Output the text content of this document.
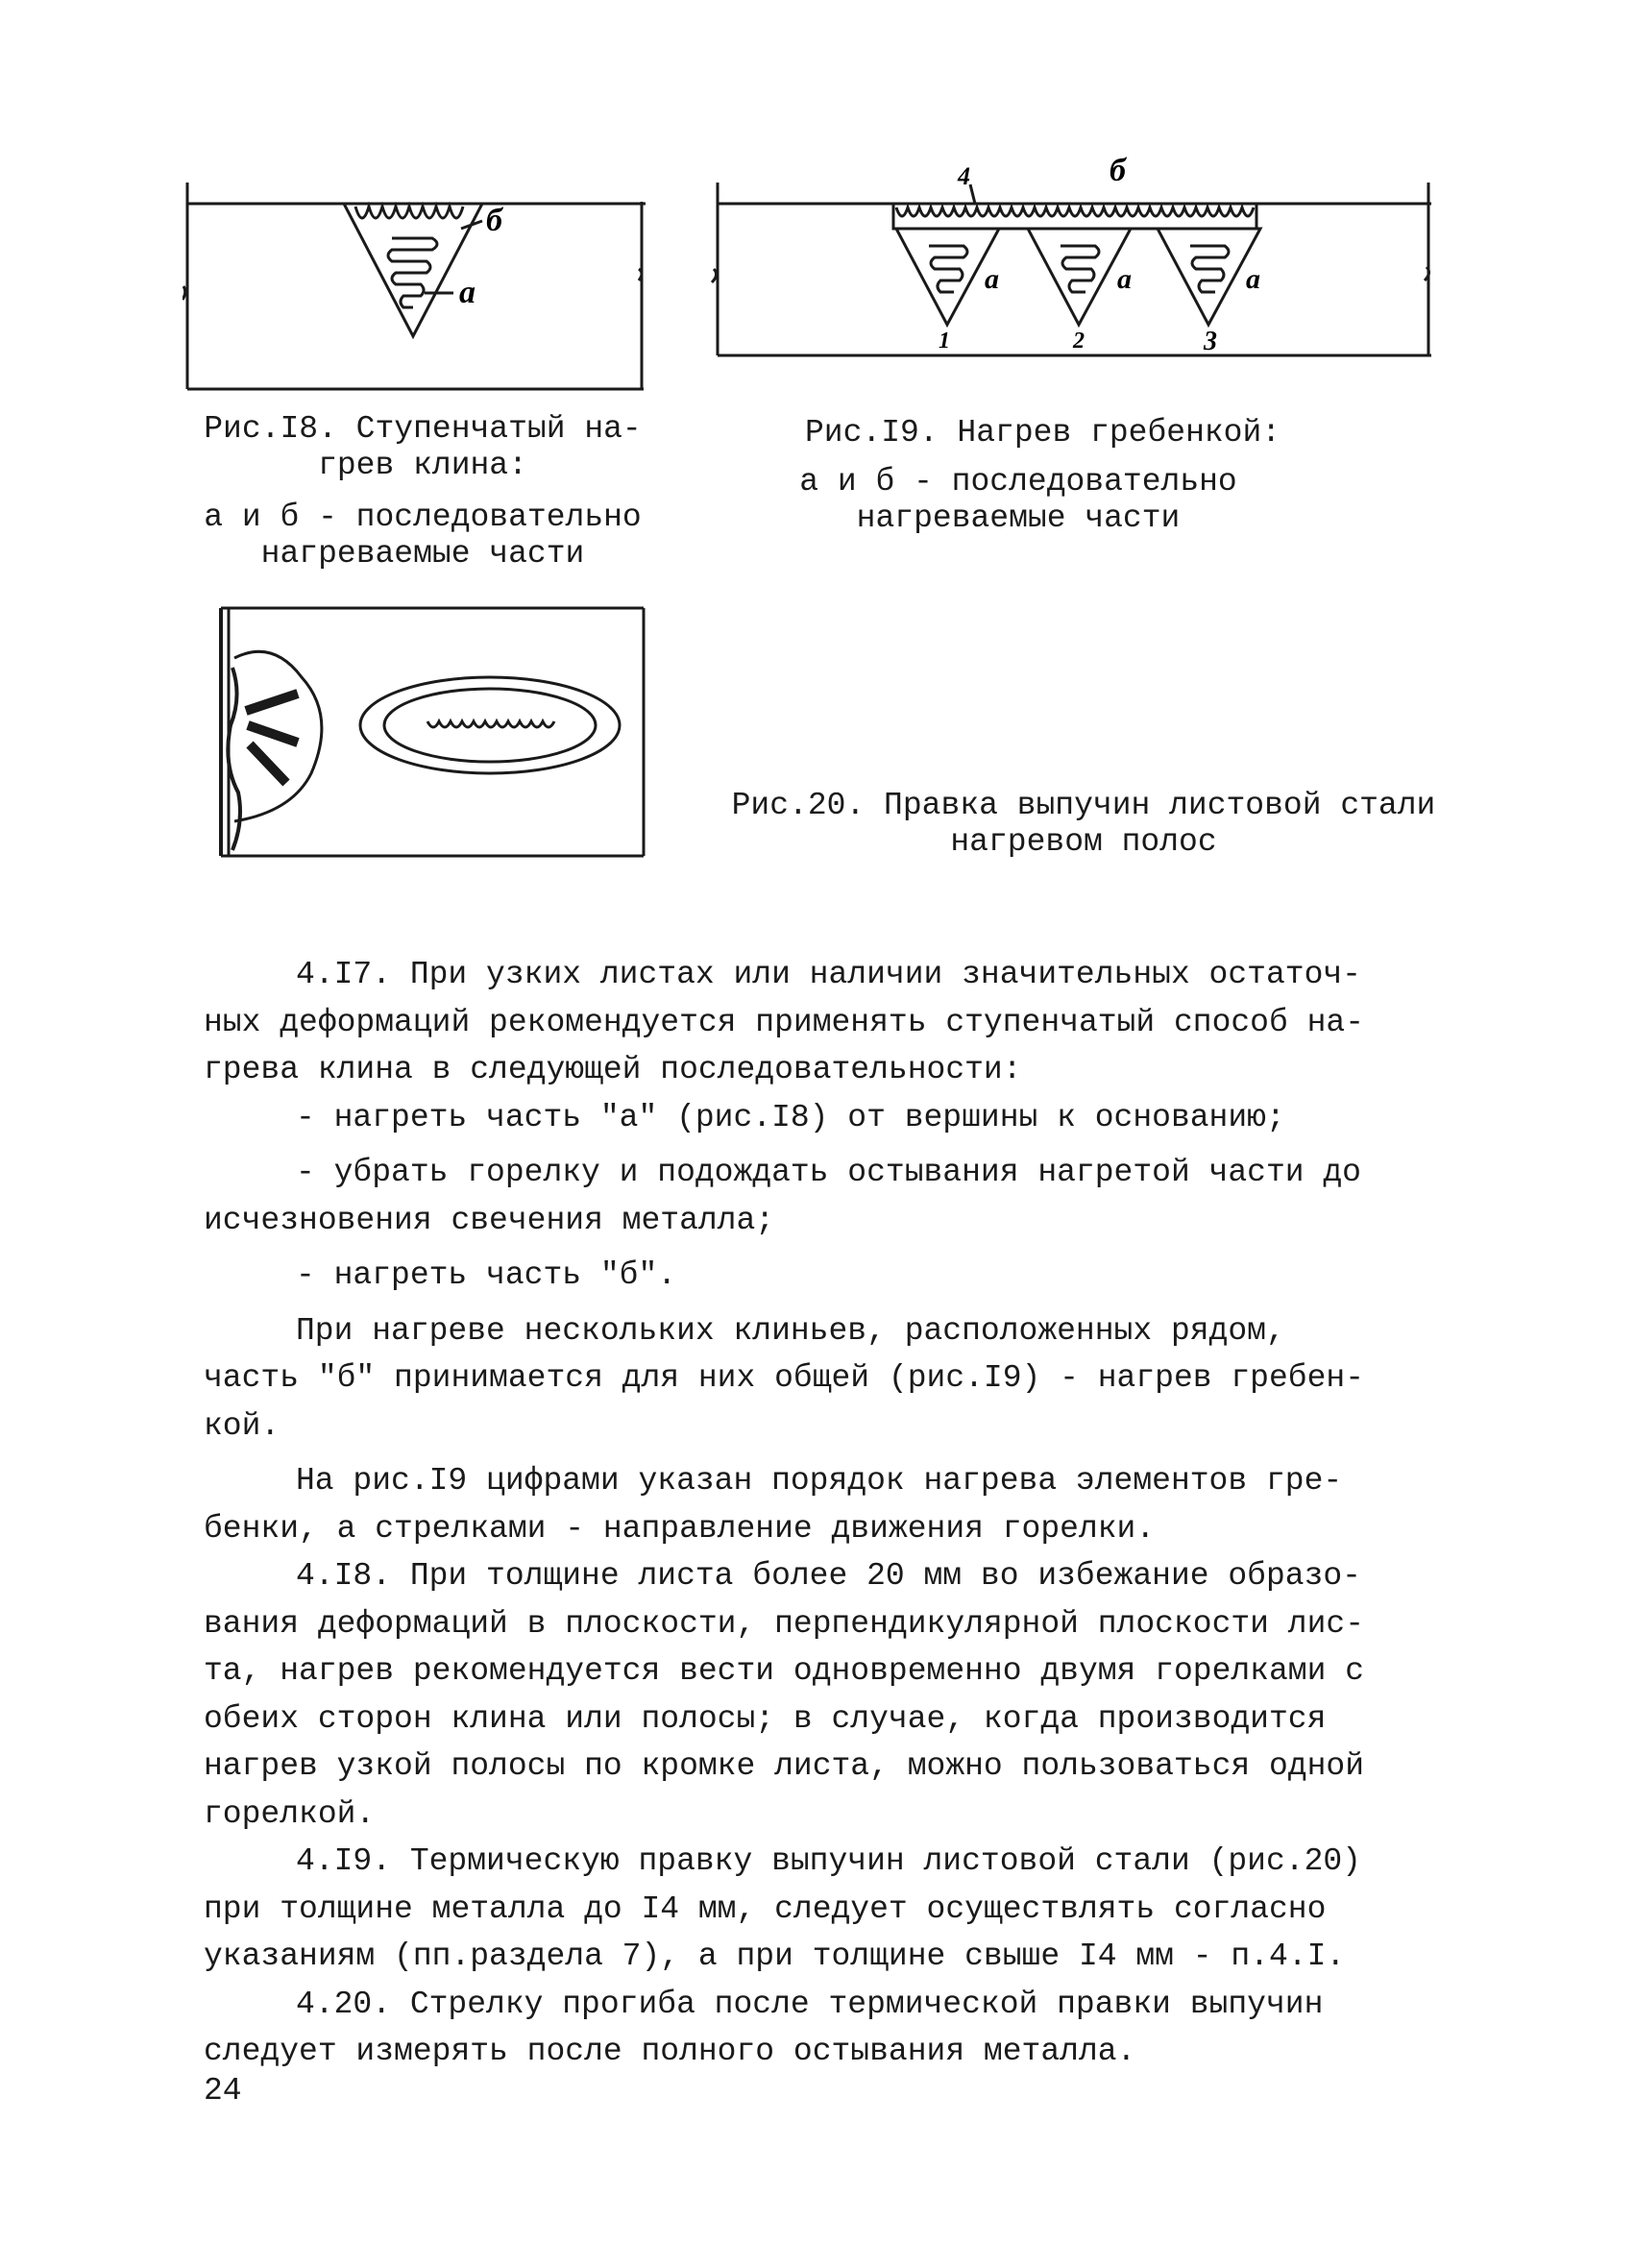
б
а
Рис.I8. Ступенчатый на-
грев клина:
а и б - последовательно
нагреваемые части
4	б
а	а	а
1	2	3
Рис.I9. Нагрев гребенкой:
а и б - последовательно
нагреваемые части
Рис.20. Правка выпучин листовой стали
нагревом полос

4.I7. При узких листах или наличии значительных остаточ-

ных деформаций рекомендуется применять ступенчатый способ на-

грева клина в следующей последовательности:

- нагреть часть "а" (рис.I8) от вершины к основанию;

- убрать горелку и подождать остывания нагретой части до

исчезновения свечения металла;

- нагреть часть "б".

При нагреве нескольких клиньев, расположенных рядом,

часть "б" принимается для них общей (рис.I9) - нагрев гребен-

кой.

На рис.I9 цифрами указан порядок нагрева элементов гре-

бенки, а стрелками - направление движения горелки.

4.I8. При толщине листа более 20 мм во избежание образо-

вания деформаций в плоскости, перпендикулярной плоскости лис-

та, нагрев рекомендуется вести одновременно двумя горелками с

обеих сторон клина или полосы; в случае, когда производится

нагрев узкой полосы по кромке листа, можно пользоваться одной

горелкой.

4.I9. Термическую правку выпучин листовой стали (рис.20)

при толщине металла до I4 мм, следует осуществлять согласно

указаниям (пп.раздела 7), а при толщине свыше I4 мм - п.4.I.

4.20. Стрелку прогиба после термической правки выпучин

следует измерять после полного остывания металла.

24
